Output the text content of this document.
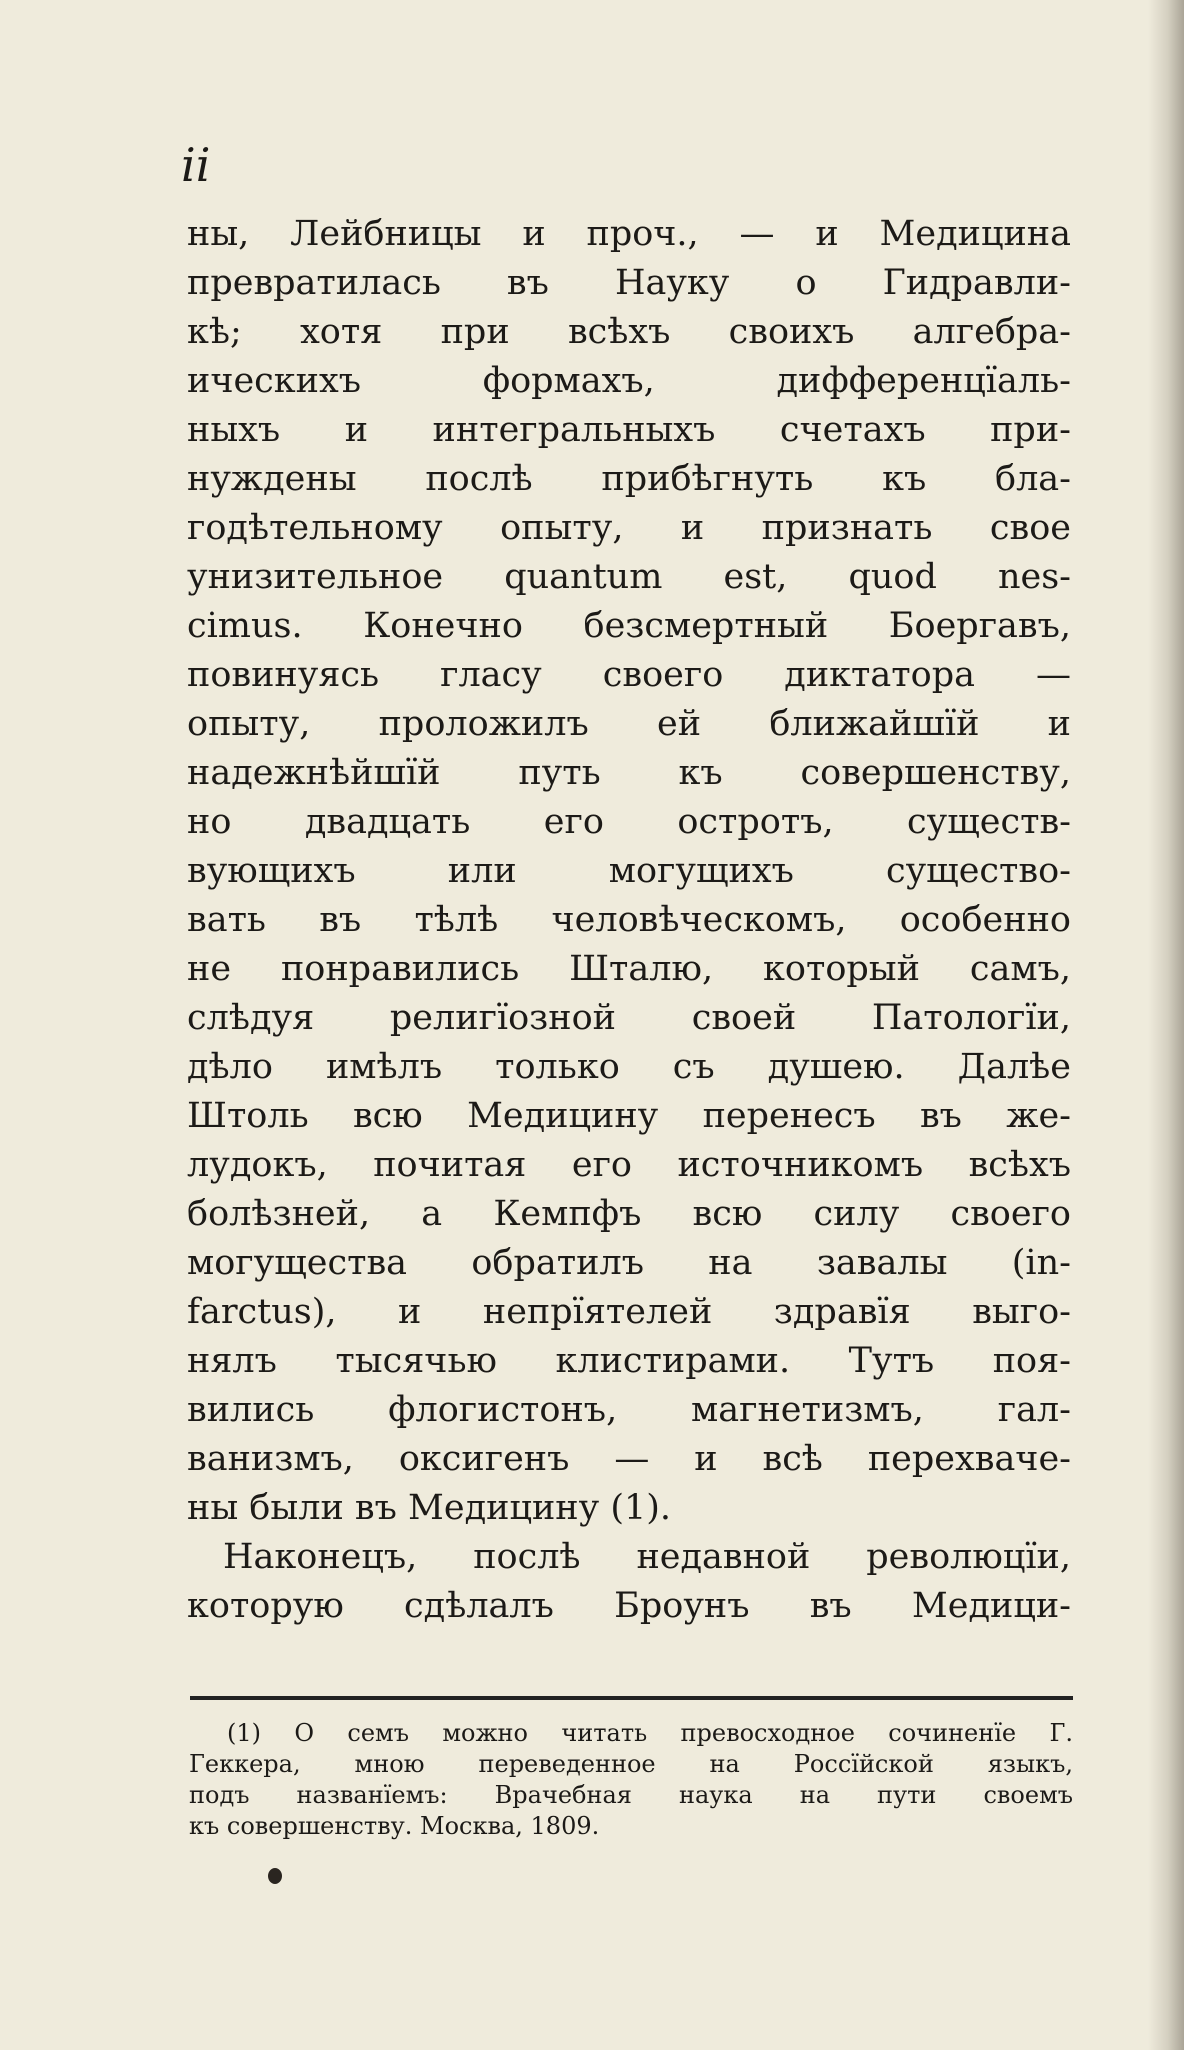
ii

ны, Лейбницы и проч., — и Медицина
превратилась въ Науку о Гидравли-
кѣ; хотя при всѣхъ своихъ алгебра-
ическихъ формахъ, дифференцїаль-
ныхъ и интегральныхъ счетахъ при-
нуждены послѣ прибѣгнуть къ бла-
годѣтельному опыту, и признать свое
унизительное quantum est, quod nes-
cimus. Конечно безсмертный Боергавъ,
повинуясь гласу своего диктатора —
опыту, проложилъ ей ближайшїй и
надежнѣйшїй путь къ совершенству,
но двадцать его остротъ, существ-
вующихъ или могущихъ существо-
вать въ тѣлѣ человѣческомъ, особенно
не понравились Шталю, который самъ,
слѣдуя религїозной своей Патологїи,
дѣло имѣлъ только съ душею. Далѣе
Штоль всю Медицину перенесъ въ же-
лудокъ, почитая его источникомъ всѣхъ
болѣзней, а Кемпфъ всю силу своего
могущества обратилъ на завалы (in-
farctus), и непрїятелей здравїя выго-
нялъ тысячью клистирами. Тутъ поя-
вились флогистонъ, магнетизмъ, гал-
ванизмъ, оксигенъ — и всѣ перехваче-
ны были въ Медицину (1).
Наконецъ, послѣ недавной революцїи,
которую сдѣлалъ Броунъ въ Медици-
(1) О семъ можно читать превосходное сочиненїе Г.
Геккера, мною переведенное на Россїйской языкъ,
подъ названїемъ: Врачебная наука на пути своемъ
къ совершенству. Москва, 1809.
